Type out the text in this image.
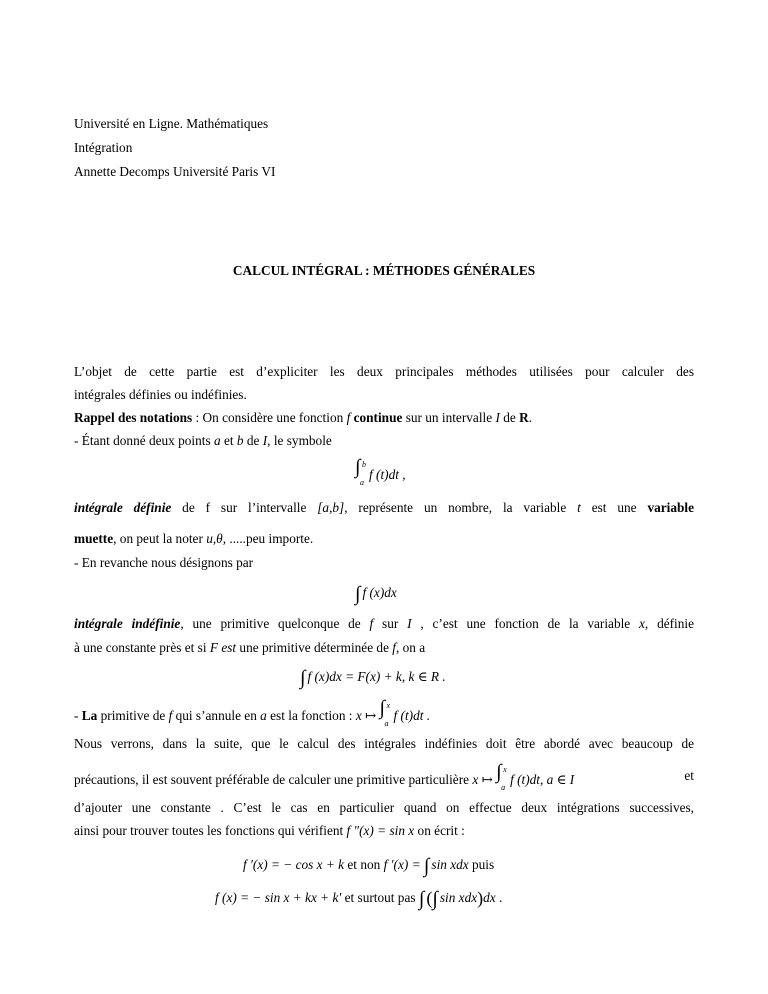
Université en Ligne. Mathématiques
Intégration
Annette Decomps Université Paris VI
CALCUL INTÉGRAL : MÉTHODES GÉNÉRALES
L’objet de cette partie est d’expliciter les deux principales méthodes utilisées pour calculer des
intégrales définies ou indéfinies.
Rappel des notations : On considère une fonction f continue sur un intervalle I de R.
- Étant donné deux points a et b de I, le symbole
∫ b
a
f (t)dt ,
intégrale définie de f sur l’intervalle [a,b], représente un nombre, la variable t est une variable
muette, on peut la noter u,θ, .....peu importe.
- En revanche nous désignons par
∫ f (x)dx
intégrale indéfinie, une primitive quelconque de f sur I , c’est une fonction de la variable x, définie
à une constante près et si F est une primitive déterminée de f, on a
∫ f (x)dx = F(x) + k, k ∈ R .
- La primitive de f qui s’annule en a est la fonction : x ↦ ∫ x
a
f (t)dt .
Nous verrons, dans la suite, que le calcul des intégrales indéfinies doit être abordé avec beaucoup de
précautions, il est souvent préférable de calculer une primitive particulière x ↦ ∫ x
a
f (t)dt, a ∈ I	et
d’ajouter une constante . C’est le cas en particulier quand on effectue deux intégrations successives,
ainsi pour trouver toutes les fonctions qui vérifient f ″(x) = sin x on écrit :
f ′(x) = − cos x + k et non f ′(x) = ∫ sin xdx puis
f (x) = − sin x + kx + k′ et surtout pas ∫ (∫ sin xdx)dx .
